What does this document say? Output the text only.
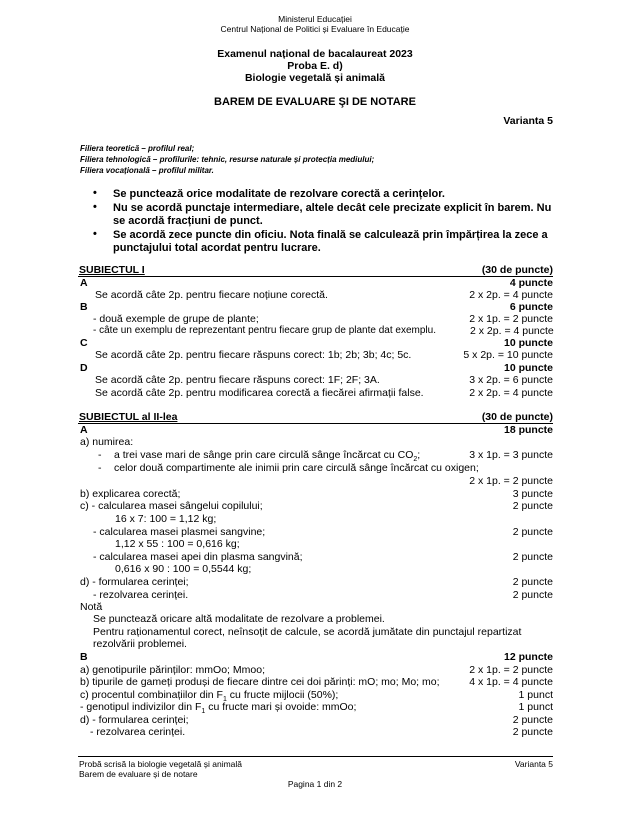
Ministerul Educației
Centrul Național de Politici și Evaluare în Educație
Examenul național de bacalaureat 2023
Proba E. d)
Biologie vegetală și animală
BAREM DE EVALUARE ŞI DE NOTARE
Varianta 5
Filiera teoretică – profilul real;
Filiera tehnologică – profilurile: tehnic, resurse naturale și protecția mediului;
Filiera vocațională – profilul militar.
• Se punctează orice modalitate de rezolvare corectă a cerințelor.
• Nu se acordă punctaje intermediare, altele decât cele precizate explicit în barem. Nu se acordă fracțiuni de punct.
• Se acordă zece puncte din oficiu. Nota finală se calculează prin împărțirea la zece a punctajului total acordat pentru lucrare.
SUBIECTUL I	(30 de puncte)
A	4 puncte
Se acordă câte 2p. pentru fiecare noțiune corectă.	2 x 2p. = 4 puncte
B	6 puncte
- două exemple de grupe de plante;	2 x 1p. = 2 puncte
- câte un exemplu de reprezentant pentru fiecare grup de plante dat exemplu.	2 x 2p. = 4 puncte
C	10 puncte
Se acordă câte 2p. pentru fiecare răspuns corect: 1b; 2b; 3b; 4c; 5c.	5 x 2p. = 10 puncte
D	10 puncte
Se acordă câte 2p. pentru fiecare răspuns corect: 1F; 2F; 3A.	3 x 2p. = 6 puncte
Se acordă câte 2p. pentru modificarea corectă a fiecărei afirmații false.	2 x 2p. = 4 puncte
SUBIECTUL al II-lea	(30 de puncte)
A	18 puncte
a) numirea:
- a trei vase mari de sânge prin care circulă sânge încărcat cu $CO_2$;	3 x 1p. = 3 puncte
- celor două compartimente ale inimii prin care circulă sânge încărcat cu oxigen;
2 x 1p. = 2 puncte
b) explicarea corectă;	3 puncte
c) - calcularea masei sângelui copilului;	2 puncte
16 x 7: 100 = 1,12 kg;
- calcularea masei plasmei sangvine;	2 puncte
1,12 x 55 : 100 = 0,616 kg;
- calcularea masei apei din plasma sangvină;	2 puncte
0,616 x 90 : 100 = 0,5544 kg;
d) - formularea cerinței;	2 puncte
- rezolvarea cerinței.	2 puncte
Notă
Se punctează oricare altă modalitate de rezolvare a problemei.
Pentru raționamentul corect, neînsoțit de calcule, se acordă jumătate din punctajul repartizat
rezolvării problemei.
B	12 puncte
a) genotipurile părinților: mmOo; Mmoo;	2 x 1p. = 2 puncte
b) tipurile de gameți produși de fiecare dintre cei doi părinți: mO; mo; Mo; mo;	4 x 1p. = 4 puncte
c) procentul combinațiilor din $F_1$ cu fructe mijlocii (50%);	1 punct
- genotipul indivizilor din $F_1$ cu fructe mari și ovoide: mmOo;	1 punct
d) - formularea cerinței;	2 puncte
- rezolvarea cerinței.	2 puncte
Probă scrisă la biologie vegetală și animală	Varianta 5
Barem de evaluare și de notare
Pagina 1 din 2
